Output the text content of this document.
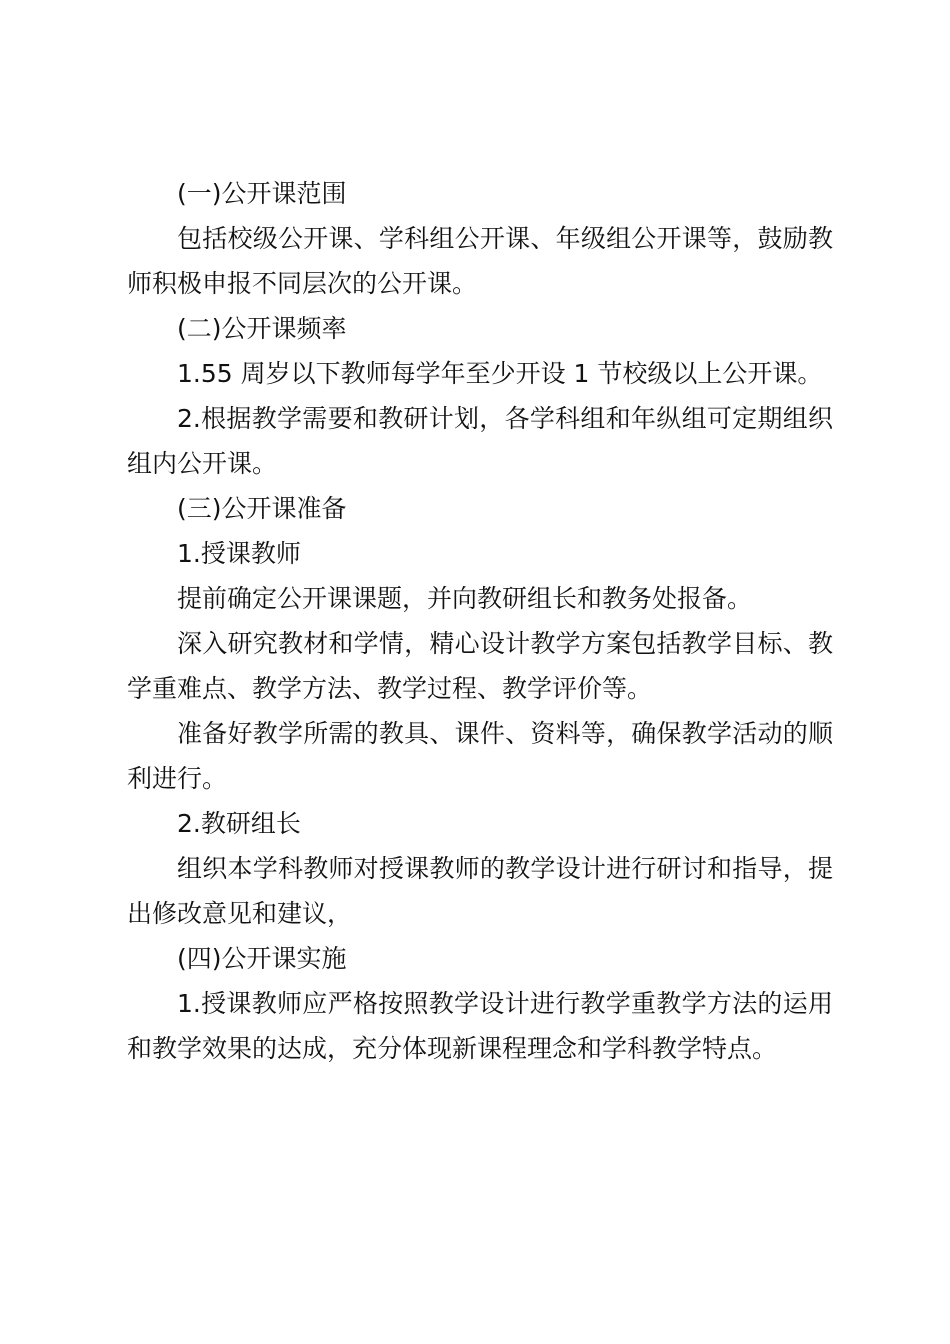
(一)公开课范围

包括校级公开课、学科组公开课、年级组公开课等，鼓励教师积极申报不同层次的公开课。

(二)公开课频率

1.55 周岁以下教师每学年至少开设 1 节校级以上公开课。

2.根据教学需要和教研计划，各学科组和年纵组可定期组织组内公开课。

(三)公开课准备

1.授课教师

提前确定公开课课题，并向教研组长和教务处报备。

深入研究教材和学情，精心设计教学方案包括教学目标、教学重难点、教学方法、教学过程、教学评价等。

准备好教学所需的教具、课件、资料等，确保教学活动的顺利进行。

2.教研组长

组织本学科教师对授课教师的教学设计进行研讨和指导，提出修改意见和建议，

(四)公开课实施

1.授课教师应严格按照教学设计进行教学重教学方法的运用和教学效果的达成，充分体现新课程理念和学科教学特点。
